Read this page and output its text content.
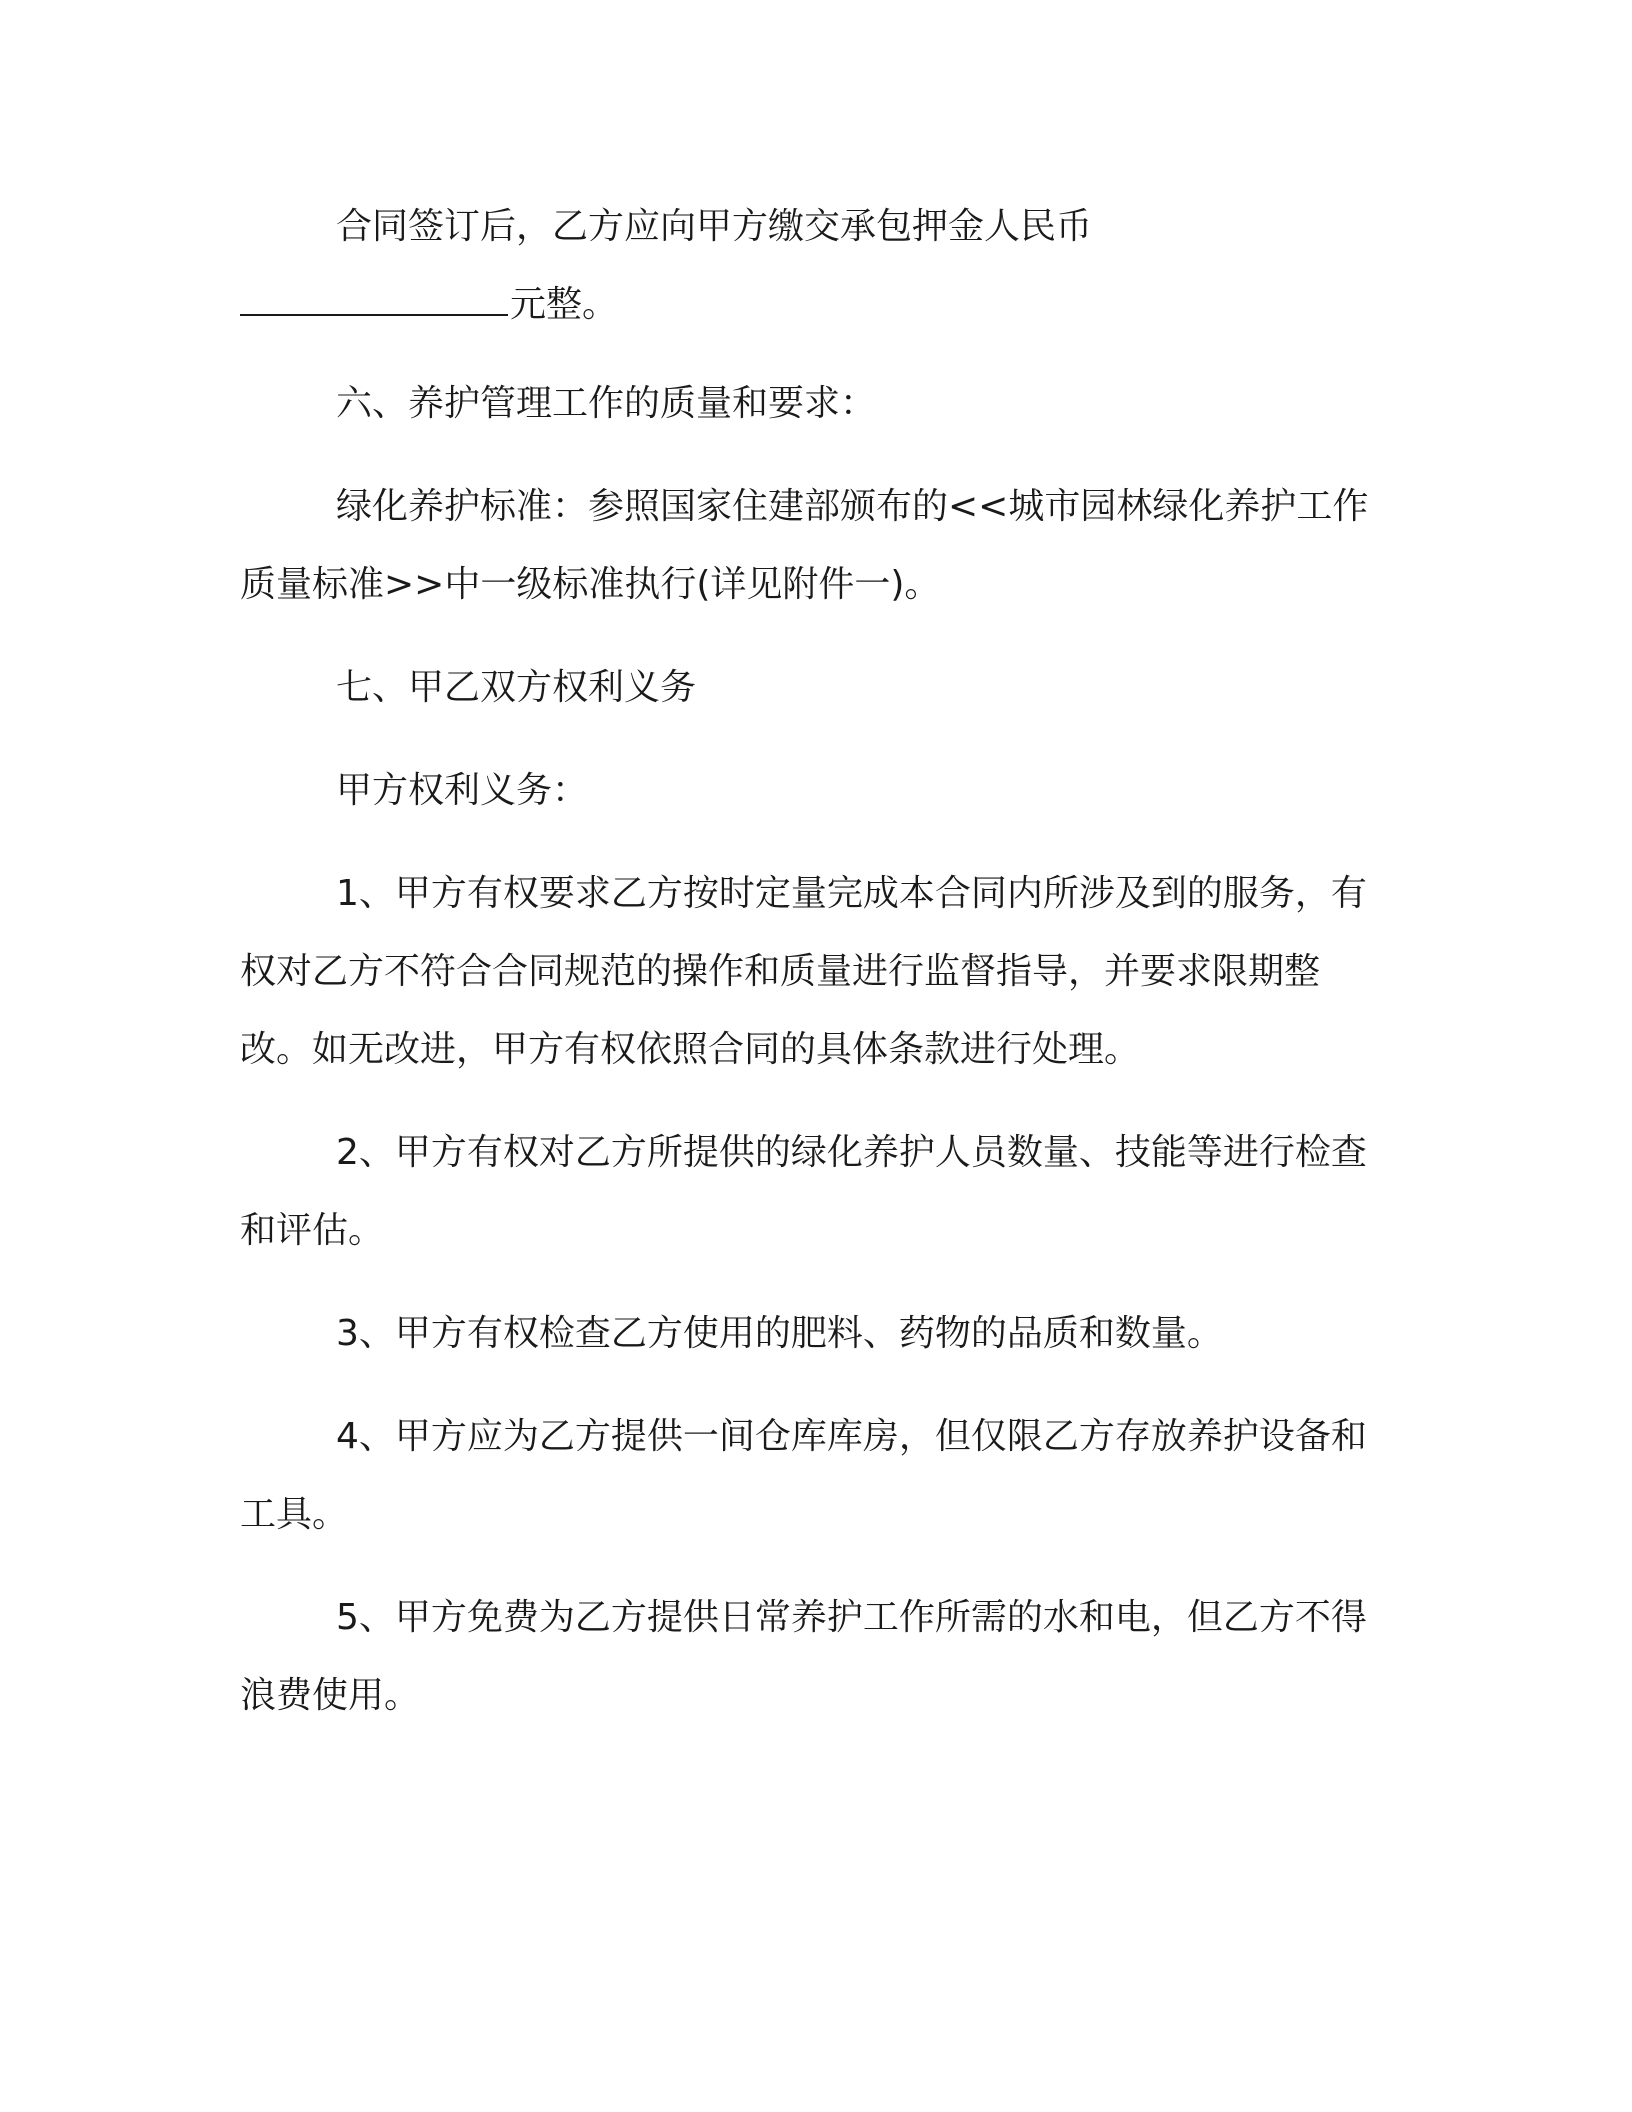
合同签订后，乙方应向甲方缴交承包押金人民币

元整。

六、养护管理工作的质量和要求：

绿化养护标准：参照国家住建部颁布的<<城市园林绿化养护工作质量标准>>中一级标准执行(详见附件一)。

七、甲乙双方权利义务

甲方权利义务：

1、甲方有权要求乙方按时定量完成本合同内所涉及到的服务，有权对乙方不符合合同规范的操作和质量进行监督指导，并要求限期整改。如无改进，甲方有权依照合同的具体条款进行处理。

2、甲方有权对乙方所提供的绿化养护人员数量、技能等进行检查和评估。

3、甲方有权检查乙方使用的肥料、药物的品质和数量。

4、甲方应为乙方提供一间仓库库房，但仅限乙方存放养护设备和工具。

5、甲方免费为乙方提供日常养护工作所需的水和电，但乙方不得浪费使用。
